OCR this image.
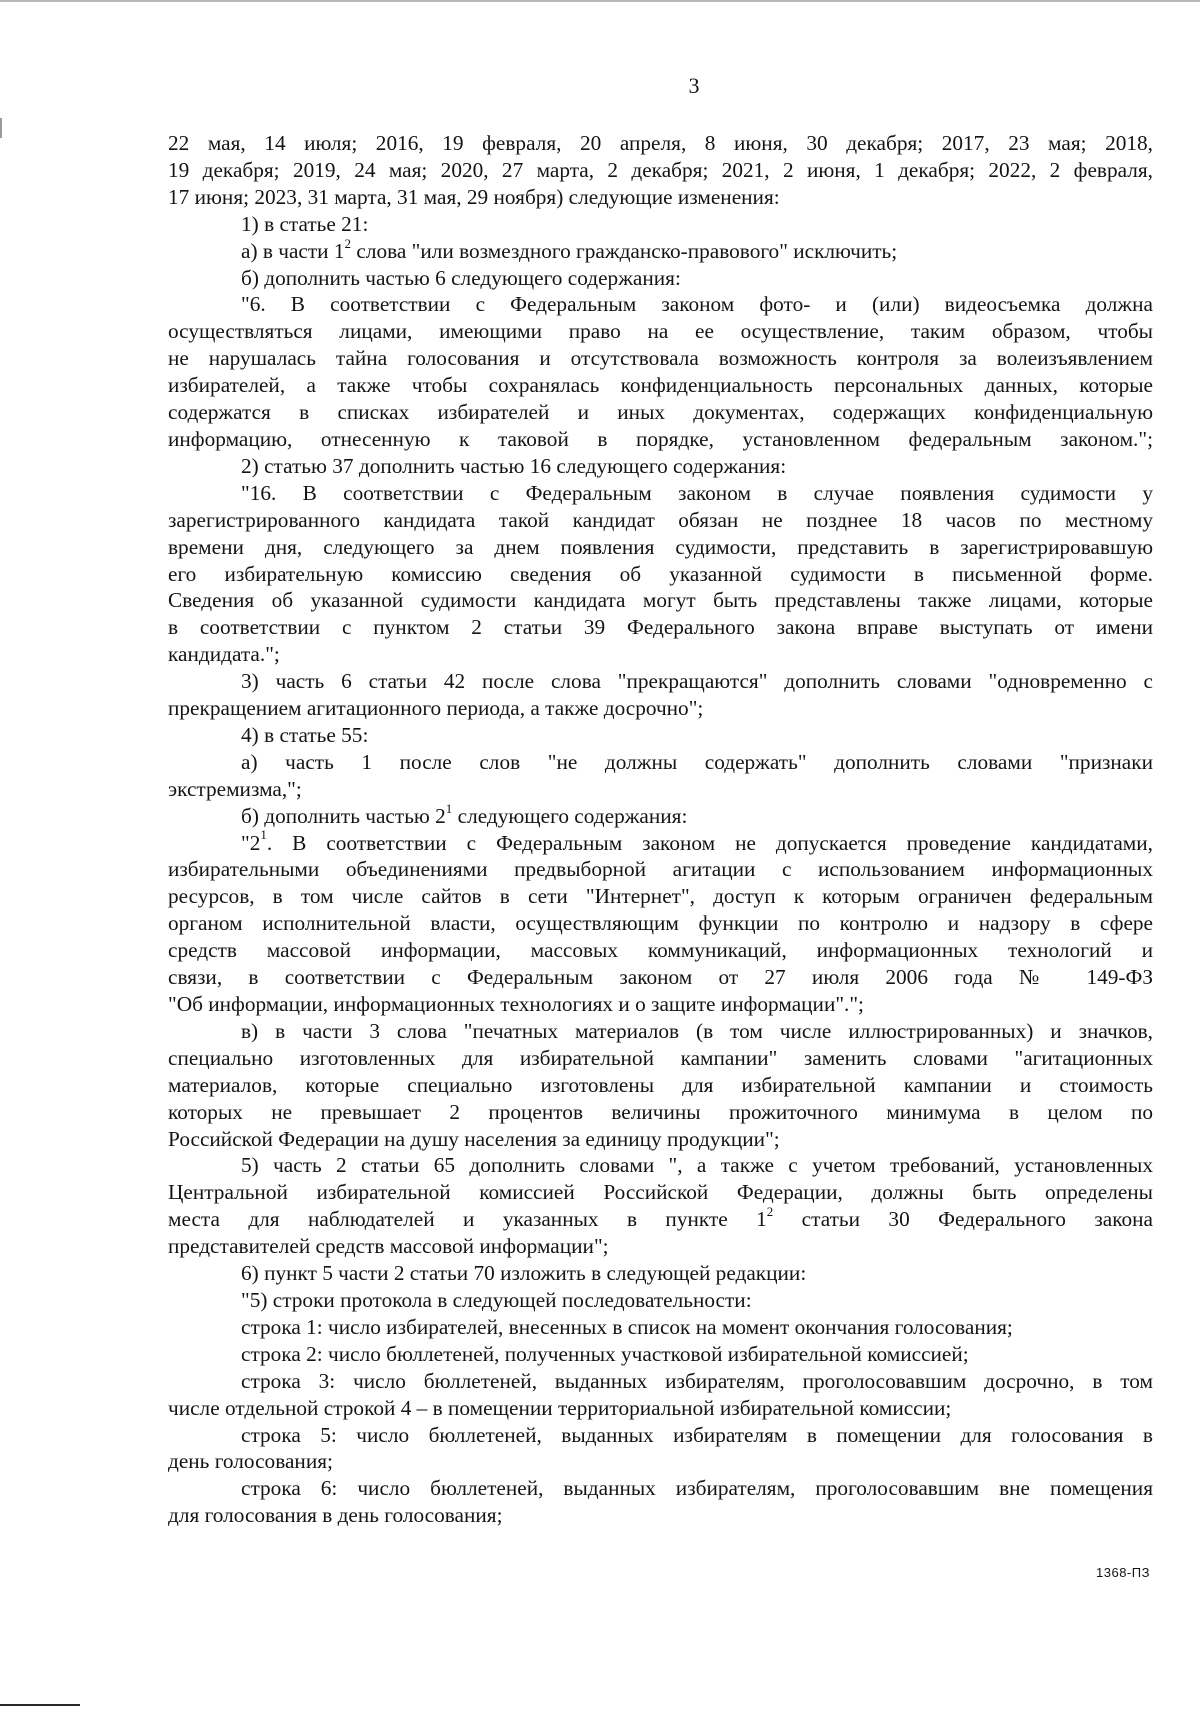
3
22 мая, 14 июля; 2016, 19 февраля, 20 апреля, 8 июня, 30 декабря; 2017, 23 мая; 2018,
19 декабря; 2019, 24 мая; 2020, 27 марта, 2 декабря; 2021, 2 июня, 1 декабря; 2022, 2 февраля,
17 июня; 2023, 31 марта, 31 мая, 29 ноября) следующие изменения:
1) в статье 21:
а) в части $1^2$ слова "или возмездного гражданско-правового" исключить;
б) дополнить частью 6 следующего содержания:
"6. В соответствии с Федеральным законом фото- и (или) видеосъемка должна
осуществляться лицами, имеющими право на ее осуществление, таким образом, чтобы
не нарушалась тайна голосования и отсутствовала возможность контроля за волеизъявлением
избирателей, а также чтобы сохранялась конфиденциальность персональных данных, которые
содержатся в списках избирателей и иных документах, содержащих конфиденциальную
информацию, отнесенную к таковой в порядке, установленном федеральным законом.";
2) статью 37 дополнить частью 16 следующего содержания:
"16. В соответствии с Федеральным законом в случае появления судимости у
зарегистрированного кандидата такой кандидат обязан не позднее 18 часов по местному
времени дня, следующего за днем появления судимости, представить в зарегистрировавшую
его избирательную комиссию сведения об указанной судимости в письменной форме.
Сведения об указанной судимости кандидата могут быть представлены также лицами, которые
в соответствии с пунктом 2 статьи 39 Федерального закона вправе выступать от имени
кандидата.";
3) часть 6 статьи 42 после слова "прекращаются" дополнить словами "одновременно с
прекращением агитационного периода, а также досрочно";
4) в статье 55:
а) часть 1 после слов "не должны содержать" дополнить словами "признаки
экстремизма,";
б) дополнить частью $2^1$ следующего содержания:
"$2^1$. В соответствии с Федеральным законом не допускается проведение кандидатами,
избирательными объединениями предвыборной агитации с использованием информационных
ресурсов, в том числе сайтов в сети "Интернет", доступ к которым ограничен федеральным
органом исполнительной власти, осуществляющим функции по контролю и надзору в сфере
средств массовой информации, массовых коммуникаций, информационных технологий и
связи, в соответствии с Федеральным законом от 27 июля 2006 года № 149-ФЗ
"Об информации, информационных технологиях и о защите информации".";
в) в части 3 слова "печатных материалов (в том числе иллюстрированных) и значков,
специально изготовленных для избирательной кампании" заменить словами "агитационных
материалов, которые специально изготовлены для избирательной кампании и стоимость
которых не превышает 2 процентов величины прожиточного минимума в целом по
Российской Федерации на душу населения за единицу продукции";
5) часть 2 статьи 65 дополнить словами ", а также с учетом требований, установленных
Центральной избирательной комиссией Российской Федерации, должны быть определены
места для наблюдателей и указанных в пункте $1^2$ статьи 30 Федерального закона
представителей средств массовой информации";
6) пункт 5 части 2 статьи 70 изложить в следующей редакции:
"5) строки протокола в следующей последовательности:
строка 1: число избирателей, внесенных в список на момент окончания голосования;
строка 2: число бюллетеней, полученных участковой избирательной комиссией;
строка 3: число бюллетеней, выданных избирателям, проголосовавшим досрочно, в том
числе отдельной строкой 4 – в помещении территориальной избирательной комиссии;
строка 5: число бюллетеней, выданных избирателям в помещении для голосования в
день голосования;
строка 6: число бюллетеней, выданных избирателям, проголосовавшим вне помещения
для голосования в день голосования;
1368-ПЗ
